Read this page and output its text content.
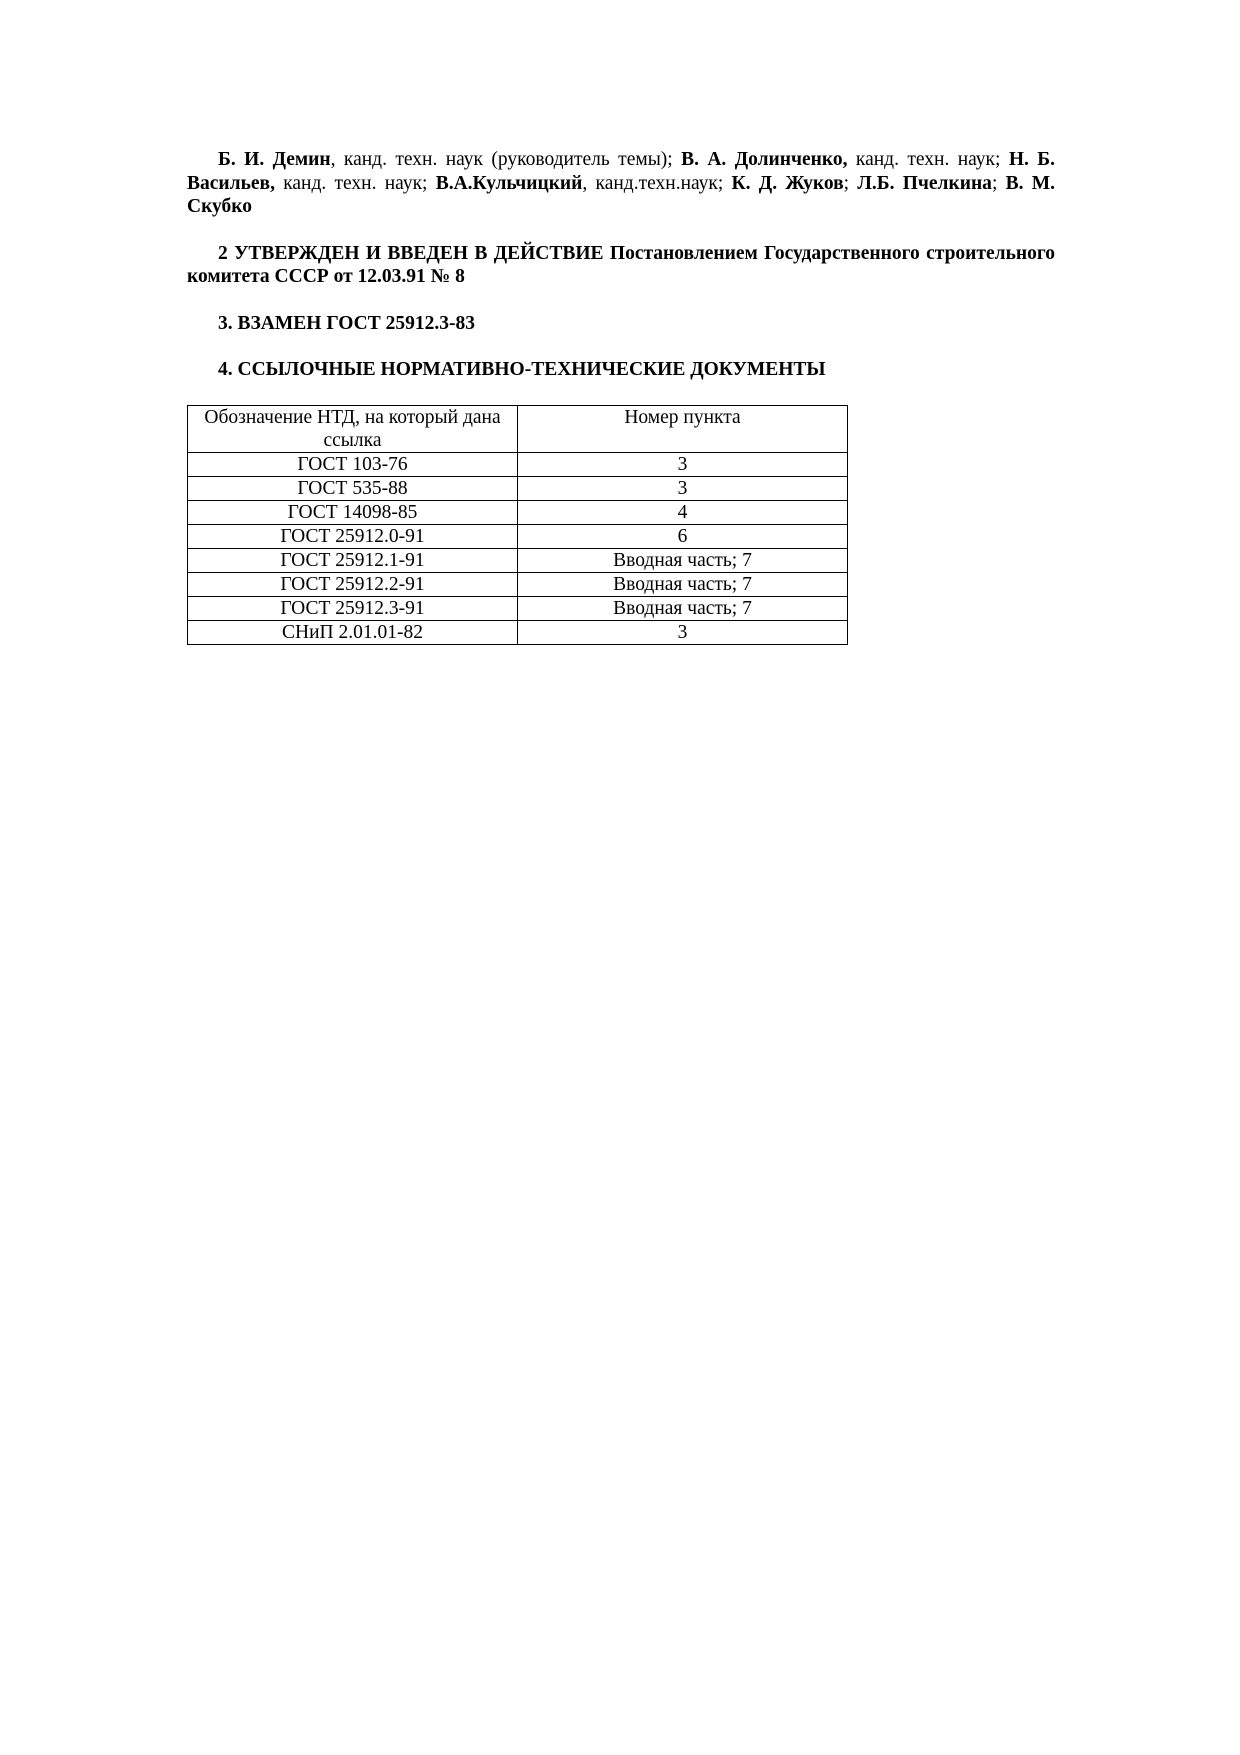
Б. И. Демин, канд. техн. наук (руководитель темы); В. А. Долинченко, канд. техн. наук; Н. Б. Васильев, канд. техн. наук; В.А.Кульчицкий, канд.техн.наук; К. Д. Жуков; Л.Б. Пчелкина; В. М. Скубко

2 УТВЕРЖДЕН И ВВЕДЕН В ДЕЙСТВИЕ Постановлением Государственного строительного комитета СССР от 12.03.91 № 8

3. ВЗАМЕН ГОСТ 25912.3-83

4. ССЫЛОЧНЫЕ НОРМАТИВНО-ТЕХНИЧЕСКИЕ ДОКУМЕНТЫ

Обозначение НТД, на который дана ссылка	Номер пункта
ГОСТ 103-76	3
ГОСТ 535-88	3
ГОСТ 14098-85	4
ГОСТ 25912.0-91	6
ГОСТ 25912.1-91	Вводная часть; 7
ГОСТ 25912.2-91	Вводная часть; 7
ГОСТ 25912.3-91	Вводная часть; 7
СНиП 2.01.01-82	3
